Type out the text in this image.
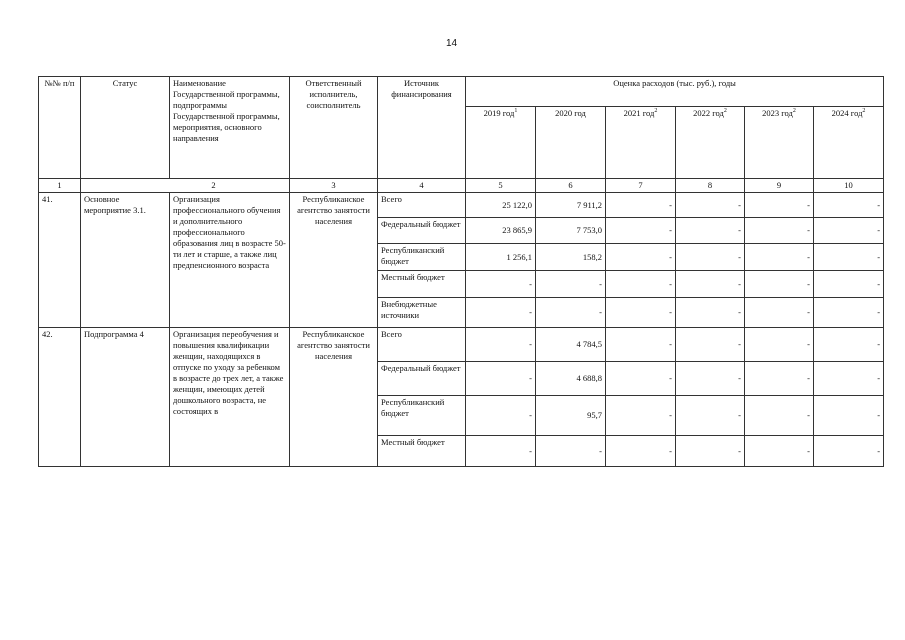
14
№№ п/п	Статус	Наименование Государственной программы, подпрограммы Государственной программы, мероприятия, основного направления	Ответственный исполнитель, соисполнитель	Источник финансирования	Оценка расходов (тыс. руб.), годы					
					2019 год$^1$	2020 год	2021 год$^2$	2022 год$^2$	2023 год$^2$	2024 год$^2$
1	2		3	4	5	6	7	8	9	10
41.	Основное мероприятие 3.1.	Организация профессионального обучения и дополнительного профессионального образования лиц в возрасте 50-ти лет и старше, а также лиц предпенсионного возраста	Республиканское агентство занятости населения	Всего	25 122,0	7 911,2	-	-	-	-
				Федеральный бюджет	23 865,9	7 753,0	-	-	-	-
				Республиканский бюджет	1 256,1	158,2	-	-	-	-
				Местный бюджет	-	-	-	-	-	-
				Внебюджетные источники	-	-	-	-	-	-
42.	Подпрограмма 4	Организация переобучения и повышения квалификации женщин, находящихся в отпуске по уходу за ребенком в возрасте до трех лет, а также женщин, имеющих детей дошкольного возраста, не состоящих в	Республиканское агентство занятости населения	Всего	-	4 784,5	-	-	-	-
				Федеральный бюджет	-	4 688,8	-	-	-	-
				Республиканский бюджет	-	95,7	-	-	-	-
				Местный бюджет	-	-	-	-	-	-
